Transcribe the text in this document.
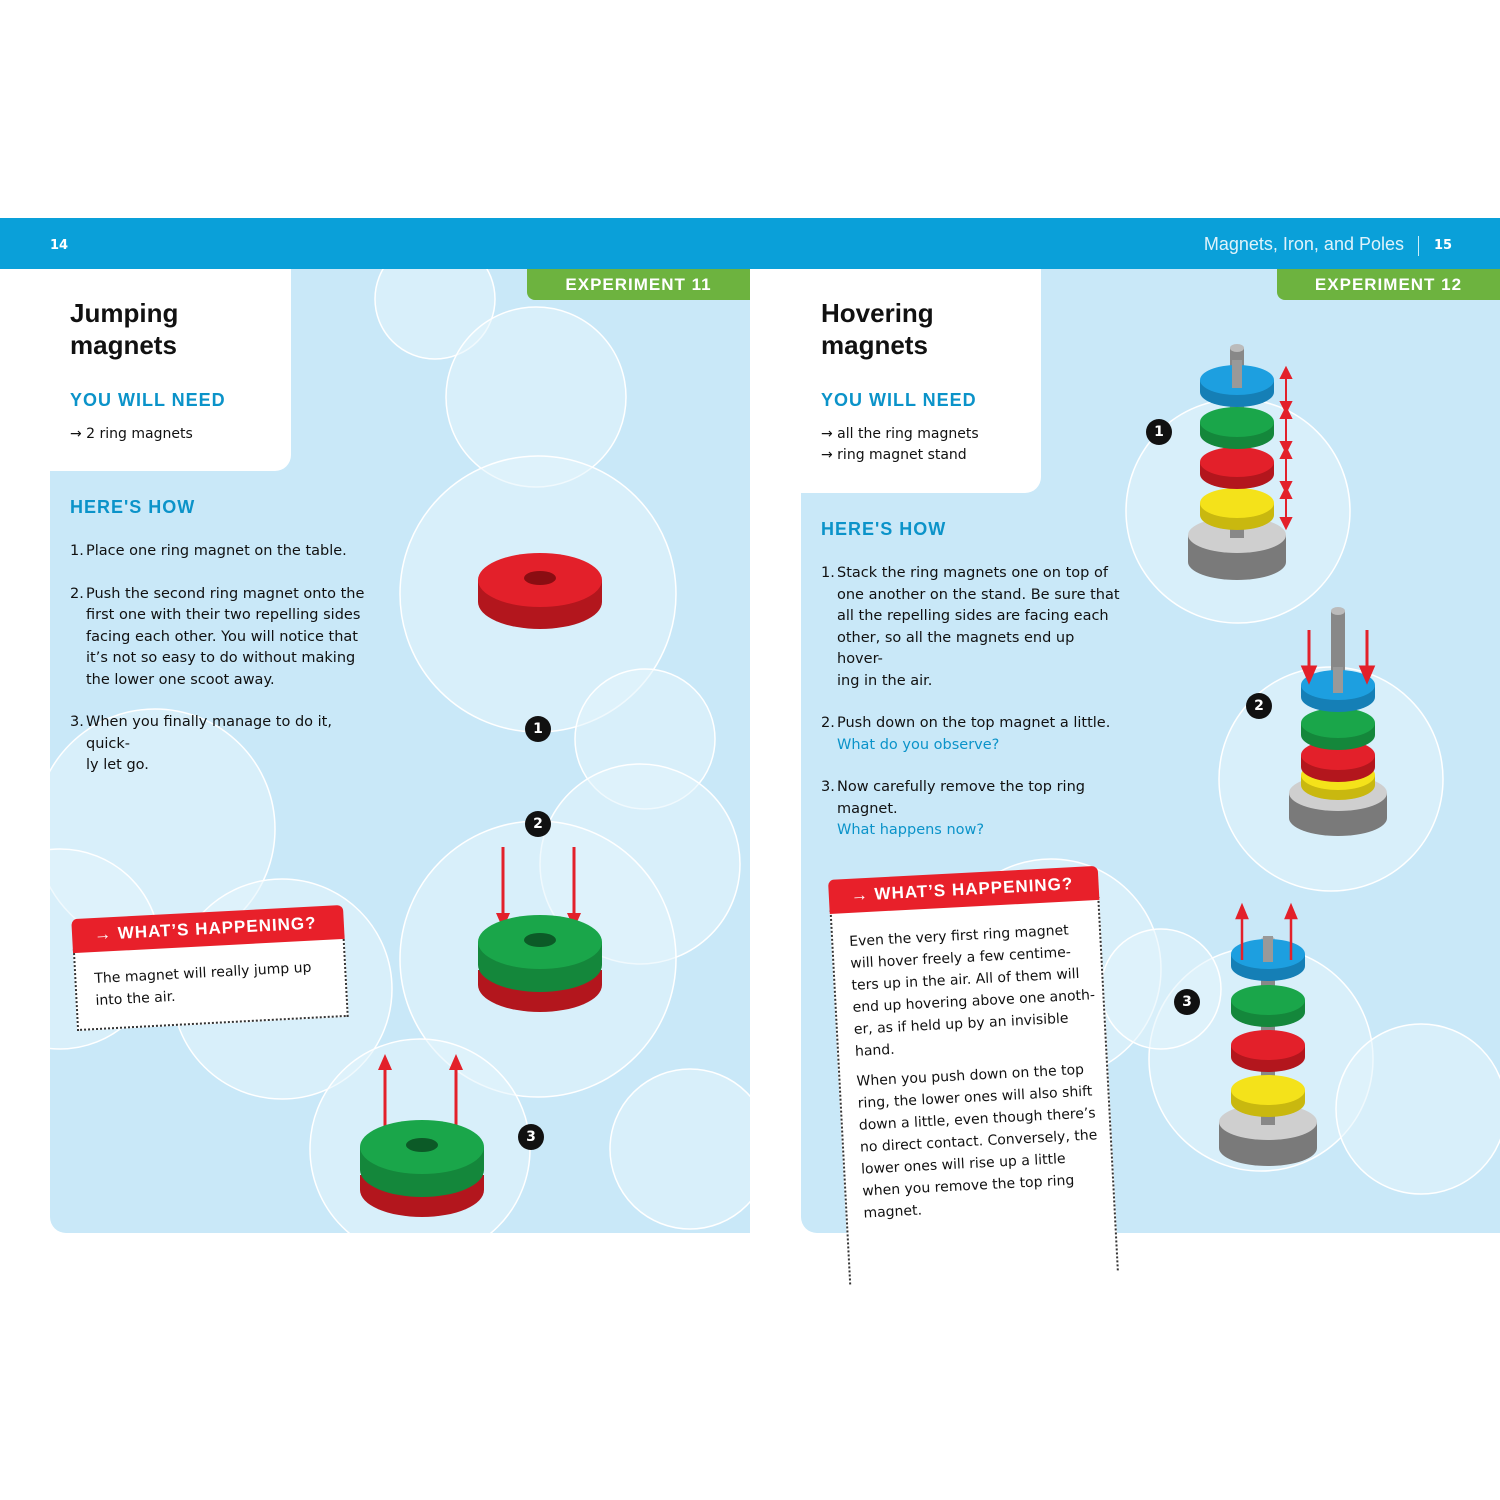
14	Magnets, Iron, and Poles 15
EXPERIMENT 11
Jumping
magnets
YOU WILL NEED
→ 2 ring magnets
HERE'S HOW
1. Place one ring magnet on the table.
2. Push the second ring magnet onto the
first one with their two repelling sides
facing each other. You will notice that
it’s not so easy to do without making
the lower one scoot away.
3. When you finally manage to do it, quick-
ly let go.
1
2
3
→ WHAT’S HAPPENING?
The magnet will really jump up
into the air.
EXPERIMENT 12
Hovering
magnets
YOU WILL NEED
→ all the ring magnets
→ ring magnet stand
HERE'S HOW
1. Stack the ring magnets one on top of
one another on the stand. Be sure that
all the repelling sides are facing each
other, so all the magnets end up hover-
ing in the air.
2. Push down on the top magnet a little.
What do you observe?
3. Now carefully remove the top ring
magnet.
What happens now?
1
2
3
→ WHAT’S HAPPENING?
Even the very first ring magnet
will hover freely a few centime-
ters up in the air. All of them will
end up hovering above one anoth-
er, as if held up by an invisible
hand.
When you push down on the top
ring, the lower ones will also shift
down a little, even though there’s
no direct contact. Conversely, the
lower ones will rise up a little
when you remove the top ring
magnet.
